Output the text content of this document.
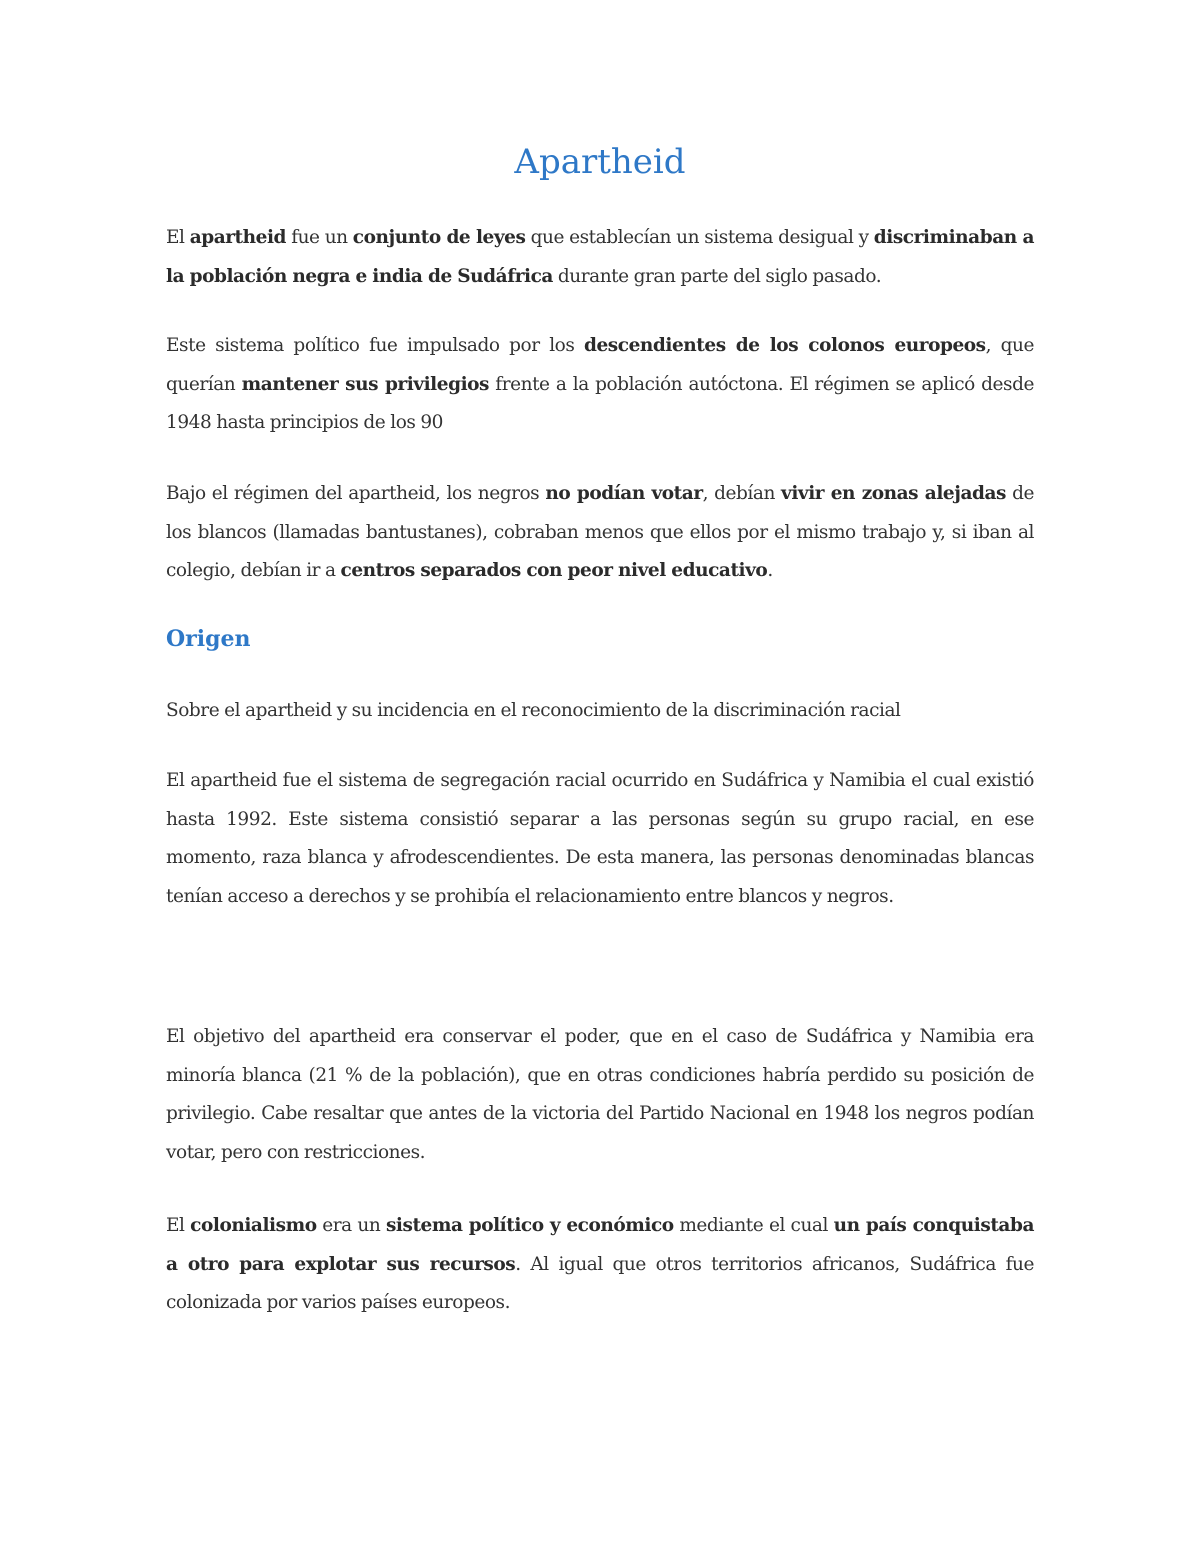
Apartheid

El apartheid fue un conjunto de leyes que establecían un sistema desigual y discriminaban a la población negra e india de Sudáfrica durante gran parte del siglo pasado.

Este sistema político fue impulsado por los descendientes de los colonos europeos, que querían mantener sus privilegios frente a la población autóctona. El régimen se aplicó desde 1948 hasta principios de los 90

Bajo el régimen del apartheid, los negros no podían votar, debían vivir en zonas alejadas de los blancos (llamadas bantustanes), cobraban menos que ellos por el mismo trabajo y, si iban al colegio, debían ir a centros separados con peor nivel educativo.

Origen

Sobre el apartheid y su incidencia en el reconocimiento de la discriminación racial

El apartheid fue el sistema de segregación racial ocurrido en Sudáfrica y Namibia el cual existió hasta 1992. Este sistema consistió separar a las personas según su grupo racial, en ese momento, raza blanca y afrodescendientes. De esta manera, las personas denominadas blancas tenían acceso a derechos y se prohibía el relacionamiento entre blancos y negros.

El objetivo del apartheid era conservar el poder, que en el caso de Sudáfrica y Namibia era minoría blanca (21 % de la población), que en otras condiciones habría perdido su posición de privilegio. Cabe resaltar que antes de la victoria del Partido Nacional en 1948 los negros podían votar, pero con restricciones.

El colonialismo era un sistema político y económico mediante el cual un país conquistaba a otro para explotar sus recursos. Al igual que otros territorios africanos, Sudáfrica fue colonizada por varios países europeos.
